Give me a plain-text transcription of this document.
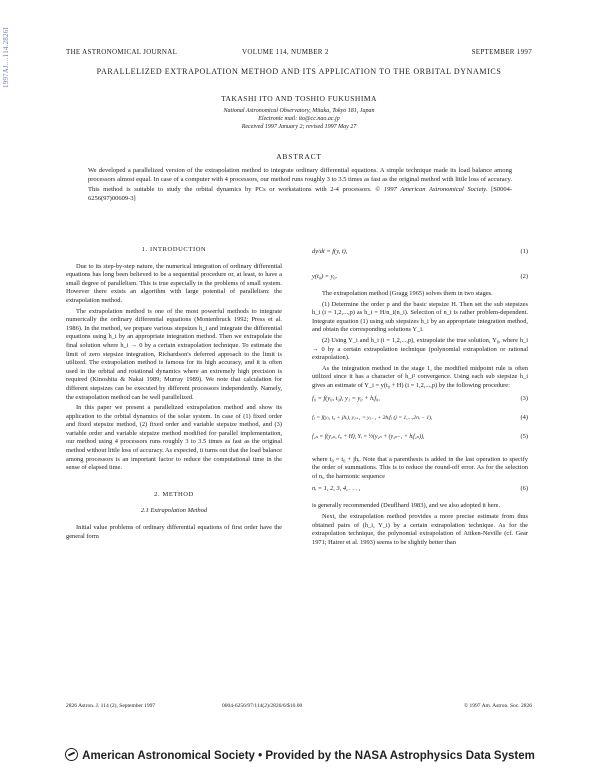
1997AJ....114.2826I	THE ASTRONOMICAL JOURNAL	VOLUME 114, NUMBER 2	SEPTEMBER 1997
PARALLELIZED EXTRAPOLATION METHOD AND ITS APPLICATION TO THE ORBITAL DYNAMICS
TAKASHI ITO AND TOSHIO FUKUSHIMA
National Astronomical Observatory, Mitaka, Tokyo 181, Japan
Electronic mail: ito@cc.nao.ac.jp
Received 1997 January 2; revised 1997 May 27
ABSTRACT
We developed a parallelized version of the extrapolation method to integrate ordinary differential equations. A simple technique made its load balance among processors almost equal. In case of a computer with 4 processors, our method runs roughly 3 to 3.5 times as fast as the original method with little loss of accuracy. This method is suitable to study the orbital dynamics by PCs or workstations with 2-4 processors. © 1997 American Astronomical Society. [S0004-6256(97)00609-3]
1. INTRODUCTION

Due to its step-by-step nature, the numerical integration of ordinary differential equations has long been believed to be a sequential procedure or, at least, to have a small degree of parallelism. This is true especially in the problems of small system. However there exists an algorithm with large potential of parallelism: the extrapolation method.

The extrapolation method is one of the most powerful methods to integrate numerically the ordinary differential equations (Montenbruck 1992; Press et al. 1986). In the method, we prepare various stepsizes h_i and integrate the differential equations using h_i by an appropriate integration method. Then we extrapolate the final solution where h_i → 0 by a certain extrapolation technique. To estimate the limit of zero stepsize integration, Richardson's deferred approach to the limit is utilized. The extrapolation method is famous for its high accuracy, and it is often used in the orbital and rotational dynamics where an extremely high precision is required (Kinoshita & Nakai 1989; Murray 1989). We note that calculation for different stepsizes can be executed by different processors independently. Namely, the extrapolation method can be well parallelized.

In this paper we present a parallelized extrapolation method and show its application to the orbital dynamics of the solar system. In case of (1) fixed order and fixed stepsize method, (2) fixed order and variable stepsize method, and (3) variable order and variable stepsize method modified for parallel implementation, our method using 4 processors runs roughly 3 to 3.5 times as fast as the original method without little loss of accuracy. As expected, it turns out that the load balance among processors is an important factor to reduce the computational time in the sense of elapsed time.

2. METHOD
2.1 Extrapolation Method

Initial value problems of ordinary differential equations of first order have the general form

dy/dt = f(y, t),	(1)
y(t₀) = y₀.	(2)

The extrapolation method (Gragg 1965) solves them in two stages.

(1) Determine the order p and the basic stepsize H. Then set the sub stepsizes h_i (i = 1,2,...,p) as h_i = H/n_i(n_i). Selection of n_i is rather problem-dependent. Integrate equation (1) using sub stepsizes h_i by an appropriate integration method, and obtain the corresponding solutions Y_i.

(2) Using Y_i and h_i (i = 1,2,...,p), extrapolate the true solution, Y₀, where h_i → 0 by a certain extrapolation technique (polynomial extrapolation or rational extrapolation).

As the integration method in the stage 1, the modified midpoint rule is often utilized since it has a character of h_i² convergence. Using each sub stepsize h_i gives an estimate of Y_i = y(t₀ + H) (i = 1,2,...,p) by the following procedure:

f₀ = f(y₀, t₀), y₁ = y₀ + hᵢf₀,	(3)
fⱼ = f(yⱼ, t₀ + jhᵢ), yⱼ₊₁ = yⱼ₋₁ + 2hᵢfⱼ (j = 1,...,2nᵢ − 1),	(4)
f₂ₙ = f(y₂ₙ, t₀ + H), Yᵢ = ½(y₂ₙ + (y₂ₙ₋₁ + hᵢf₂ₙ)),	(5)

where t₀ = t₀ + jhᵢ. Note that a parenthesis is added in the last operation to specify the order of summations. This is to reduce the round-off error. As for the selection of nᵢ, the harmonic sequence

nᵢ = 1, 2, 3, 4, . . . ,	(6)

is generally recommended (Deuflhard 1983), and we also adopted it here.

Next, the extrapolation method provides a more precise estimate from thus obtained pairs of (h_i, Y_i) by a certain extrapolation technique. As for the extrapolation technique, the polynomial extrapolation of Aitken-Neville (cf. Gear 1971; Hairer et al. 1993) seems to be slightly better than

2826 Astron. J. 114 (2), September 1997	0004-6256/97/114(2)/2826/6/$10.00	© 1997 Am. Astron. Soc. 2826
American Astronomical Society • Provided by the NASA Astrophysics Data System
